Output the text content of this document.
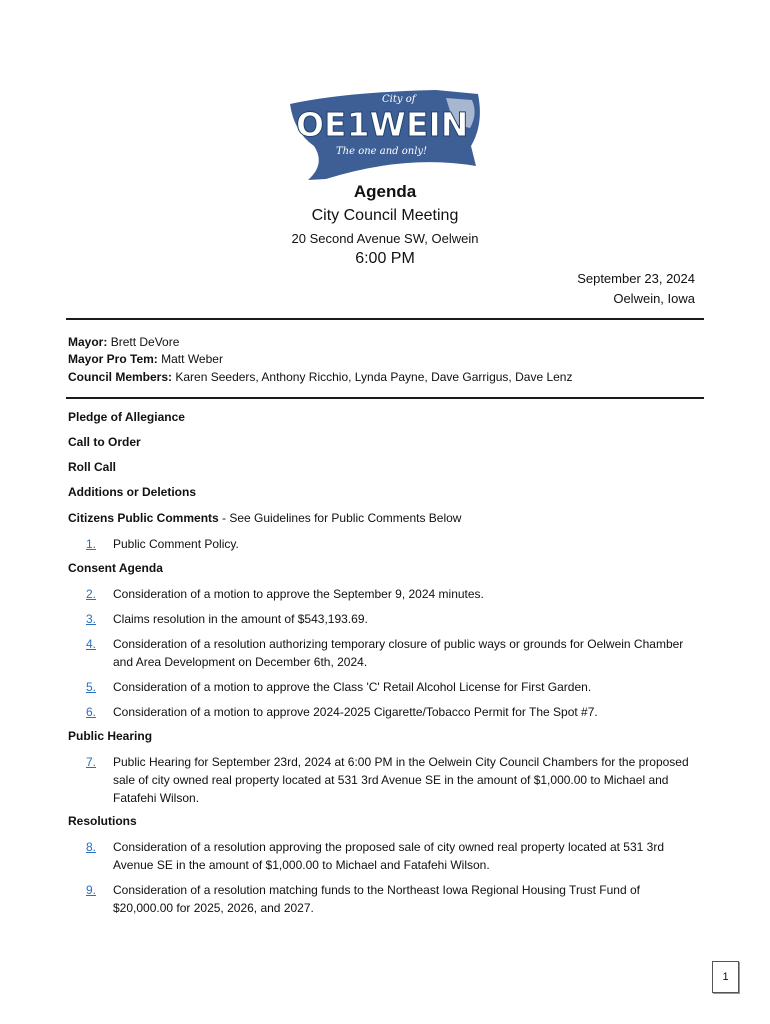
City of
OE1WEIN
The one and only!
Agenda
City Council Meeting
20 Second Avenue SW, Oelwein
6:00 PM
September 23, 2024
Oelwein, Iowa
Mayor: Brett DeVore
Mayor Pro Tem: Matt Weber
Council Members: Karen Seeders, Anthony Ricchio, Lynda Payne, Dave Garrigus, Dave Lenz
Pledge of Allegiance
Call to Order
Roll Call
Additions or Deletions
Citizens Public Comments - See Guidelines for Public Comments Below
1. Public Comment Policy.
Consent Agenda
2. Consideration of a motion to approve the September 9, 2024 minutes.
3. Claims resolution in the amount of $543,193.69.
4. Consideration of a resolution authorizing temporary closure of public ways or grounds for Oelwein Chamber and Area Development on December 6th, 2024.
5. Consideration of a motion to approve the Class 'C' Retail Alcohol License for First Garden.
6. Consideration of a motion to approve 2024-2025 Cigarette/Tobacco Permit for The Spot #7.
Public Hearing
7. Public Hearing for September 23rd, 2024 at 6:00 PM in the Oelwein City Council Chambers for the proposed sale of city owned real property located at 531 3rd Avenue SE in the amount of $1,000.00 to Michael and Fatafehi Wilson.
Resolutions
8. Consideration of a resolution approving the proposed sale of city owned real property located at 531 3rd Avenue SE in the amount of $1,000.00 to Michael and Fatafehi Wilson.
9. Consideration of a resolution matching funds to the Northeast Iowa Regional Housing Trust Fund of $20,000.00 for 2025, 2026, and 2027.
1
